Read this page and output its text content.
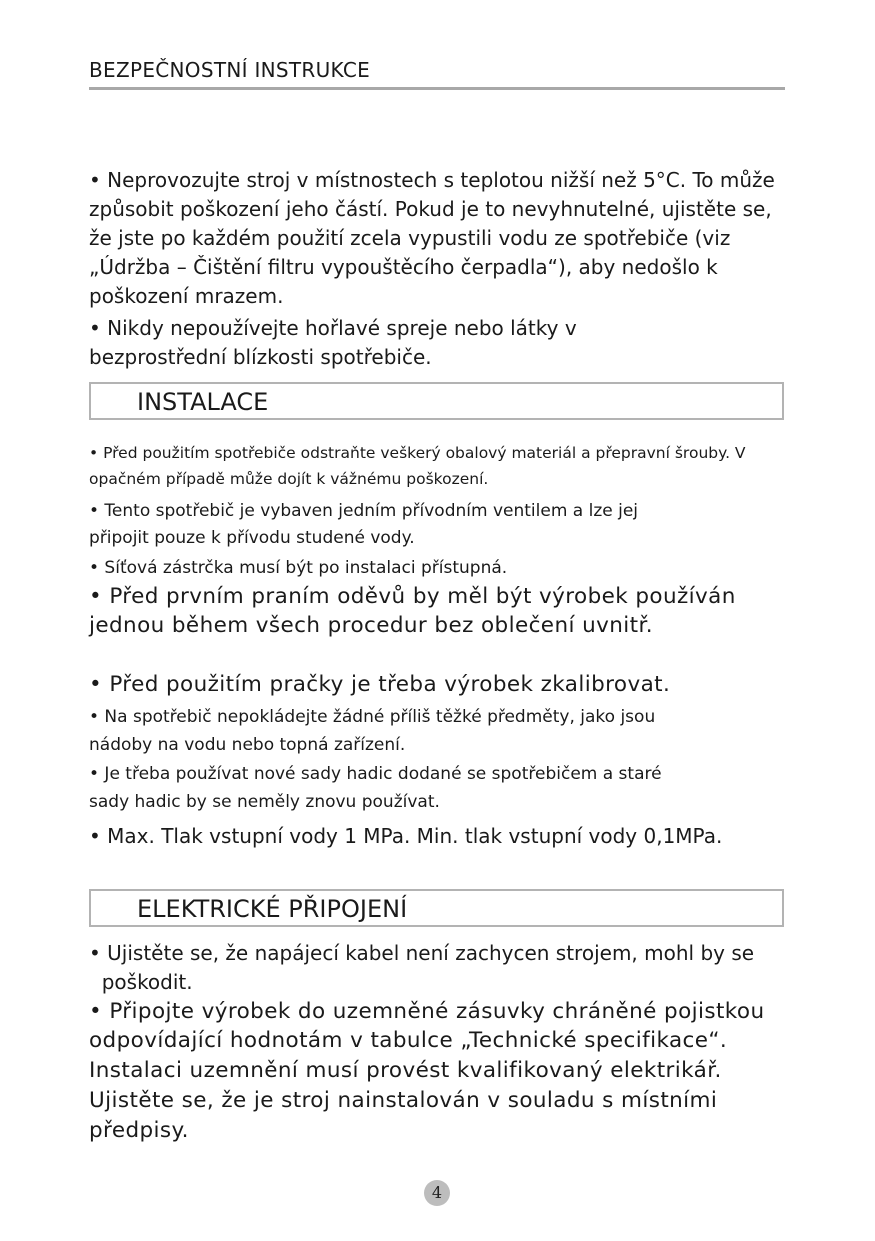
BEZPEČNOSTNÍ INSTRUKCE
• Neprovozujte stroj v místnostech s teplotou nižší než 5°C. To může
způsobit poškození jeho částí. Pokud je to nevyhnutelné, ujistěte se,
že jste po každém použití zcela vypustili vodu ze spotřebiče (viz
„Údržba – Čištění filtru vypouštěcího čerpadla“), aby nedošlo k
poškození mrazem.
• Nikdy nepoužívejte hořlavé spreje nebo látky v
bezprostřední blízkosti spotřebiče.
INSTALACE
• Před použitím spotřebiče odstraňte veškerý obalový materiál a přepravní šrouby. V
opačném případě může dojít k vážnému poškození.
• Tento spotřebič je vybaven jedním přívodním ventilem a lze jej
připojit pouze k přívodu studené vody.
• Síťová zástrčka musí být po instalaci přístupná.
• Před prvním praním oděvů by měl být výrobek používán
jednou během všech procedur bez oblečení uvnitř.
• Před použitím pračky je třeba výrobek zkalibrovat.
• Na spotřebič nepokládejte žádné příliš těžké předměty, jako jsou
nádoby na vodu nebo topná zařízení.
• Je třeba používat nové sady hadic dodané se spotřebičem a staré
sady hadic by se neměly znovu používat.
• Max. Tlak vstupní vody 1 MPa. Min. tlak vstupní vody 0,1MPa.
ELEKTRICKÉ PŘIPOJENÍ
• Ujistěte se, že napájecí kabel není zachycen strojem, mohl by se
poškodit.
• Připojte výrobek do uzemněné zásuvky chráněné pojistkou
odpovídající hodnotám v tabulce „Technické specifikace“.
Instalaci uzemnění musí provést kvalifikovaný elektrikář.
Ujistěte se, že je stroj nainstalován v souladu s místními
předpisy.
4
